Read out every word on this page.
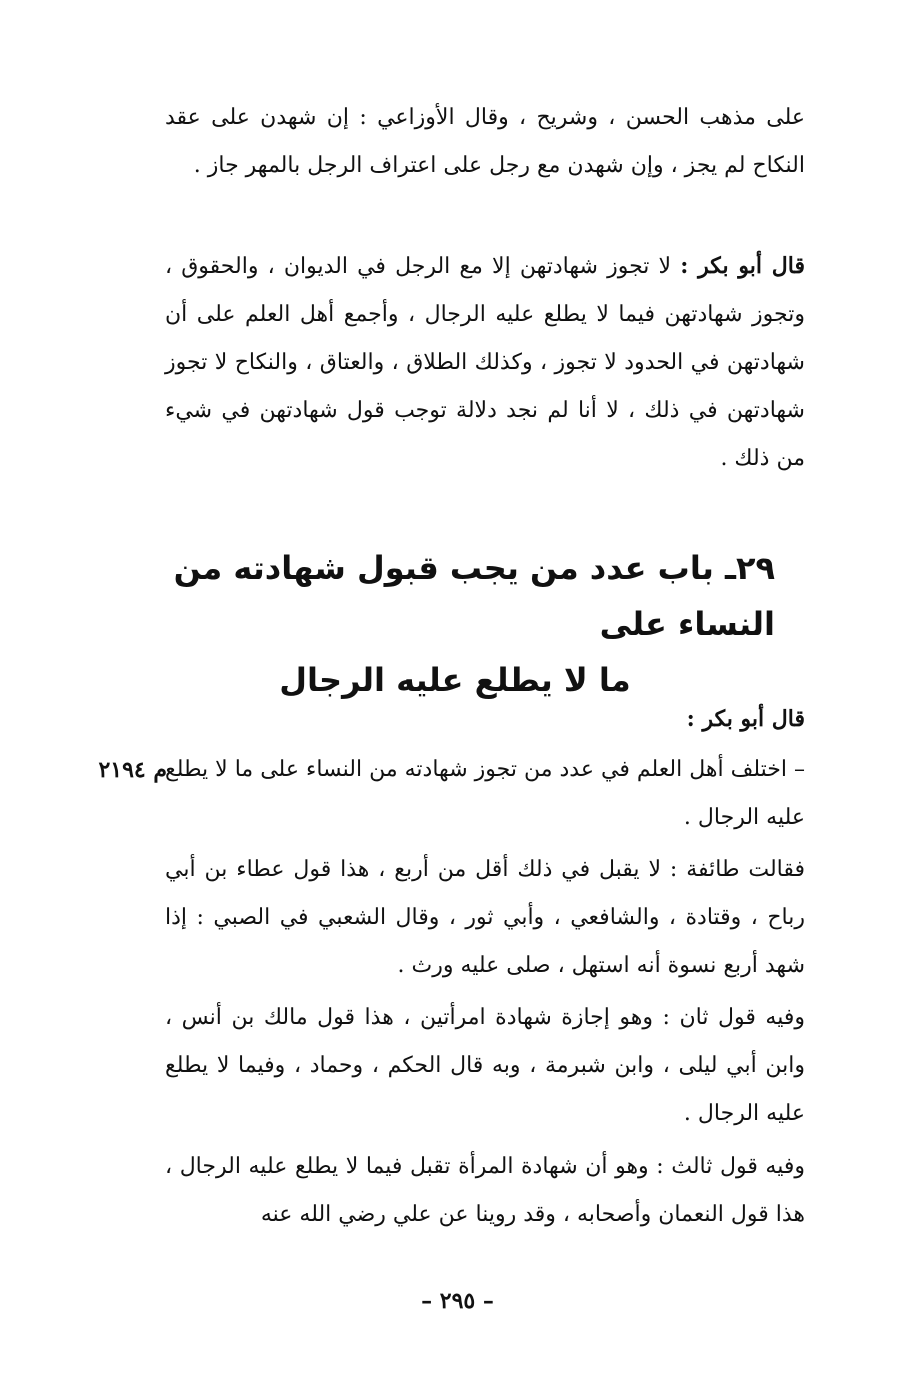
على مذهب الحسن ، وشريح ، وقال الأوزاعي : إن شهدن على عقد النكاح لم يجز ، وإن شهدن مع رجل على اعتراف الرجل بالمهر جاز .
قال أبو بكر : لا تجوز شهادتهن إلا مع الرجل في الديوان ، والحقوق ، وتجوز شهادتهن فيما لا يطلع عليه الرجال ، وأجمع أهل العلم على أن شهادتهن في الحدود لا تجوز ، وكذلك الطلاق ، والعتاق ، والنكاح لا تجوز شهادتهن في ذلك ، لا أنا لم نجد دلالة توجب قول شهادتهن في شيء من ذلك .
٢٩ـ باب عدد من يجب قبول شهادته من النساء على
ما لا يطلع عليه الرجال
قال أبو بكر :
م ٢١٩٤
– اختلف أهل العلم في عدد من تجوز شهادته من النساء على ما لا يطلع عليه الرجال .
فقالت طائفة : لا يقبل في ذلك أقل من أربع ، هذا قول عطاء بن أبي رباح ، وقتادة ، والشافعي ، وأبي ثور ، وقال الشعبي في الصبي : إذا شهد أربع نسوة أنه استهل ، صلى عليه ورث .
وفيه قول ثان : وهو إجازة شهادة امرأتين ، هذا قول مالك بن أنس ، وابن أبي ليلى ، وابن شبرمة ، وبه قال الحكم ، وحماد ، وفيما لا يطلع عليه الرجال .
وفيه قول ثالث : وهو أن شهادة المرأة تقبل فيما لا يطلع عليه الرجال ، هذا قول النعمان وأصحابه ، وقد روينا عن علي رضي الله عنه
– ٢٩٥ –
